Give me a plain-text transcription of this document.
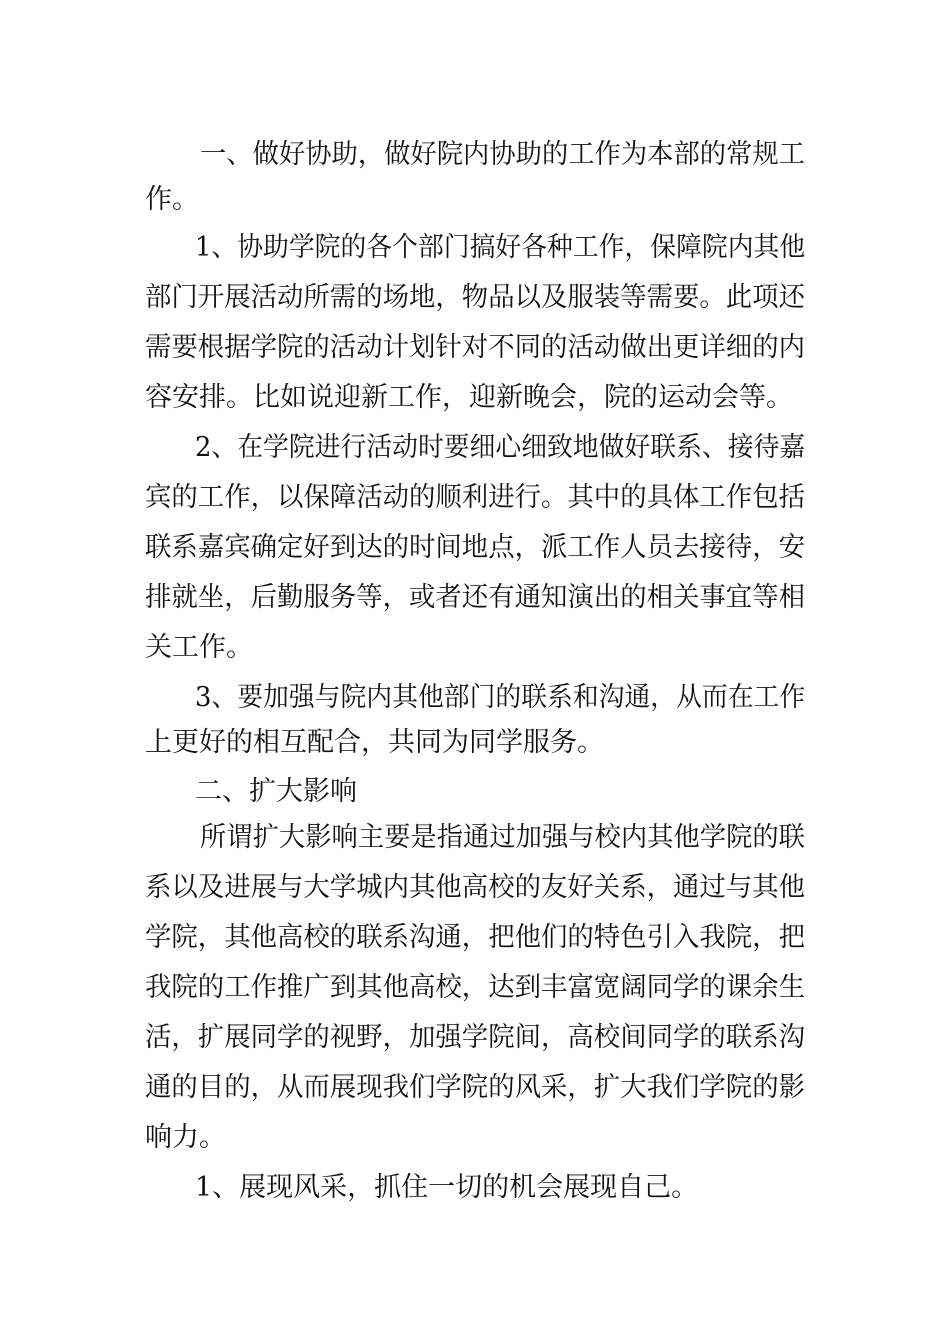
一、做好协助，做好院内协助的工作为本部的常规工

作。

1、协助学院的各个部门搞好各种工作，保障院内其他

部门开展活动所需的场地，物品以及服装等需要。此项还

需要根据学院的活动计划针对不同的活动做出更详细的内

容安排。比如说迎新工作，迎新晚会，院的运动会等。

2、在学院进行活动时要细心细致地做好联系、接待嘉

宾的工作，以保障活动的顺利进行。其中的具体工作包括

联系嘉宾确定好到达的时间地点，派工作人员去接待，安

排就坐，后勤服务等，或者还有通知演出的相关事宜等相

关工作。

3、要加强与院内其他部门的联系和沟通，从而在工作

上更好的相互配合，共同为同学服务。

二、扩大影响

所谓扩大影响主要是指通过加强与校内其他学院的联

系以及进展与大学城内其他高校的友好关系，通过与其他

学院，其他高校的联系沟通，把他们的特色引入我院，把

我院的工作推广到其他高校，达到丰富宽阔同学的课余生

活，扩展同学的视野，加强学院间，高校间同学的联系沟

通的目的，从而展现我们学院的风采，扩大我们学院的影

响力。

1、展现风采，抓住一切的机会展现自己。
